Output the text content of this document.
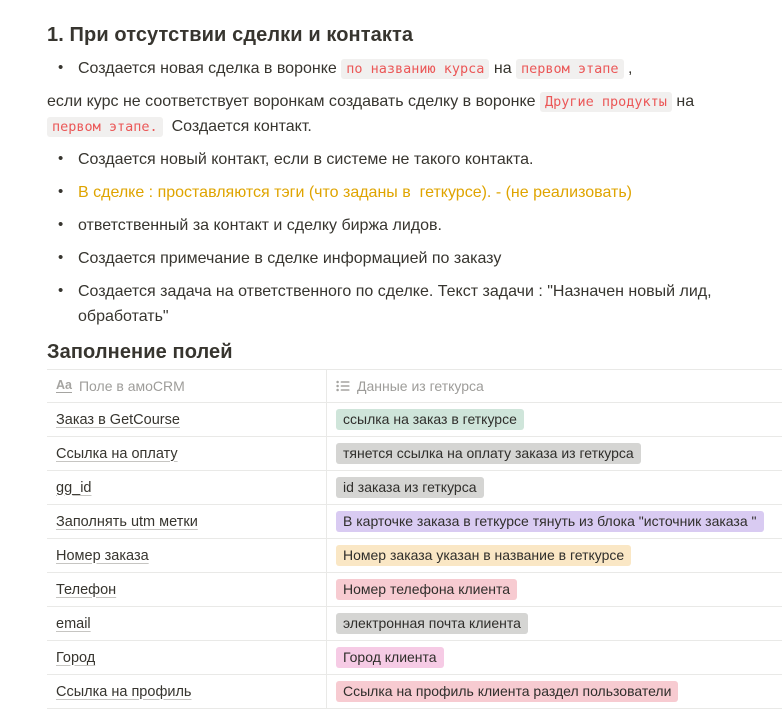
1. При отсутствии сделки и контакта
• Создается новая сделка в воронке по названию курса на первом этапе ,
если курс не соответствует воронкам создавать сделку в воронке Другие продукты на первом этапе.  Создается контакт.
• Создается новый контакт, если в системе не такого контакта.
• В сделке : проставляются тэги (что заданы в  геткурсе). - (не реализовать)
• ответственный за контакт и сделку биржа лидов.
• Создается примечание в сделке информацией по заказу
• Создается задача на ответственного по сделке. Текст задачи : "Назначен новый лид, обработать"
Заполнение полей
Aa Поле в амоCRM	Данные из геткурса
Заказ в GetCourse	ссылка на заказ в геткурсе
Ссылка на оплату	тянется ссылка на оплату заказа из геткурса
gg_id	id заказа из геткурса
Заполнять utm метки	В карточке заказа в геткурсе тянуть из блока "источник заказа "
Номер заказа	Номер заказа указан в название в геткурсе
Телефон	Номер телефона клиента
email	электронная почта клиента
Город	Город клиента
Ссылка на профиль	Ссылка на профиль клиента раздел пользователи
